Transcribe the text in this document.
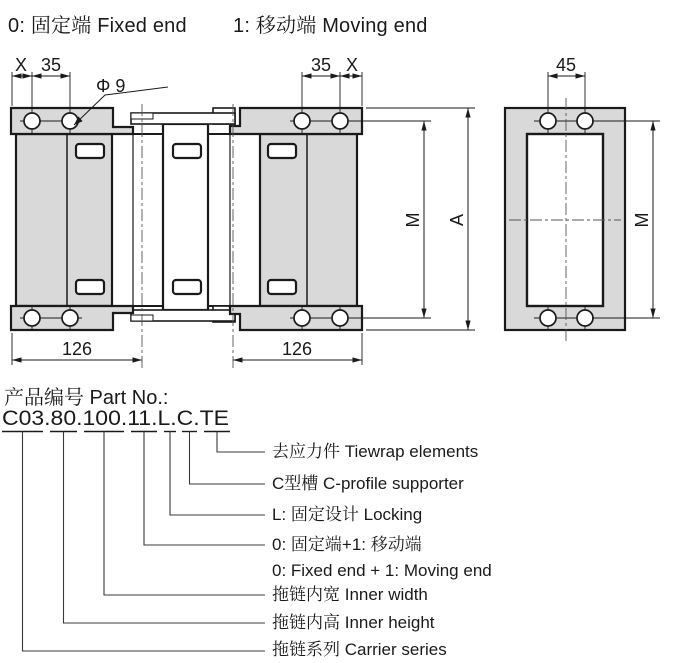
0: 固定端 Fixed end 1: 移动端 Moving end
X 35
Φ 9
35 X	45
M A	M
126	126
C03.80.100.11.L.C.TE
产品编号 Part No.:
去应力件 Tiewrap elements
C型槽 C-profile supporter
L: 固定设计 Locking
0: 固定端+1: 移动端
0: Fixed end + 1: Moving end
拖链内宽 Inner width
拖链内高 Inner height
拖链系列 Carrier series
